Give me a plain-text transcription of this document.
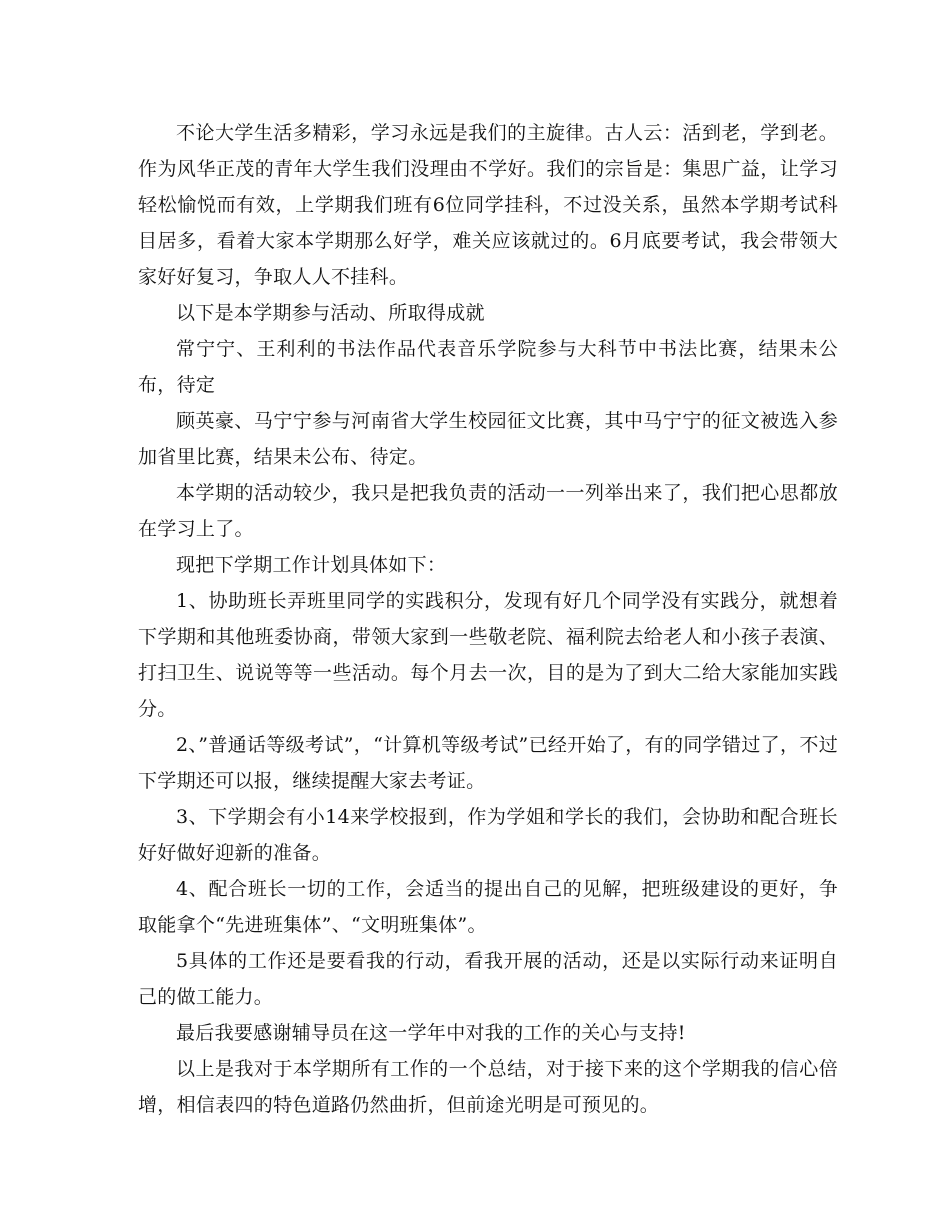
不论大学生活多精彩，学习永远是我们的主旋律。古人云：活到老，学到老。作为风华正茂的青年大学生我们没理由不学好。我们的宗旨是：集思广益，让学习轻松愉悦而有效，上学期我们班有6位同学挂科，不过没关系，虽然本学期考试科目居多，看着大家本学期那么好学，难关应该就过的。6月底要考试，我会带领大家好好复习，争取人人不挂科。

以下是本学期参与活动、所取得成就

常宁宁、王利利的书法作品代表音乐学院参与大科节中书法比赛，结果未公布，待定

顾英豪、马宁宁参与河南省大学生校园征文比赛，其中马宁宁的征文被选入参加省里比赛，结果未公布、待定。

本学期的活动较少，我只是把我负责的活动一一列举出来了，我们把心思都放在学习上了。

现把下学期工作计划具体如下：

1、协助班长弄班里同学的实践积分，发现有好几个同学没有实践分，就想着下学期和其他班委协商，带领大家到一些敬老院、福利院去给老人和小孩子表演、打扫卫生、说说等等一些活动。每个月去一次，目的是为了到大二给大家能加实践分。

2、”普通话等级考试”，“计算机等级考试”已经开始了，有的同学错过了，不过下学期还可以报，继续提醒大家去考证。

3、下学期会有小14来学校报到，作为学姐和学长的我们，会协助和配合班长好好做好迎新的准备。

4、配合班长一切的工作，会适当的提出自己的见解，把班级建设的更好，争取能拿个“先进班集体”、“文明班集体”。

5具体的工作还是要看我的行动，看我开展的活动，还是以实际行动来证明自己的做工能力。

最后我要感谢辅导员在这一学年中对我的工作的关心与支持!

以上是我对于本学期所有工作的一个总结，对于接下来的这个学期我的信心倍增，相信表四的特色道路仍然曲折，但前途光明是可预见的。
